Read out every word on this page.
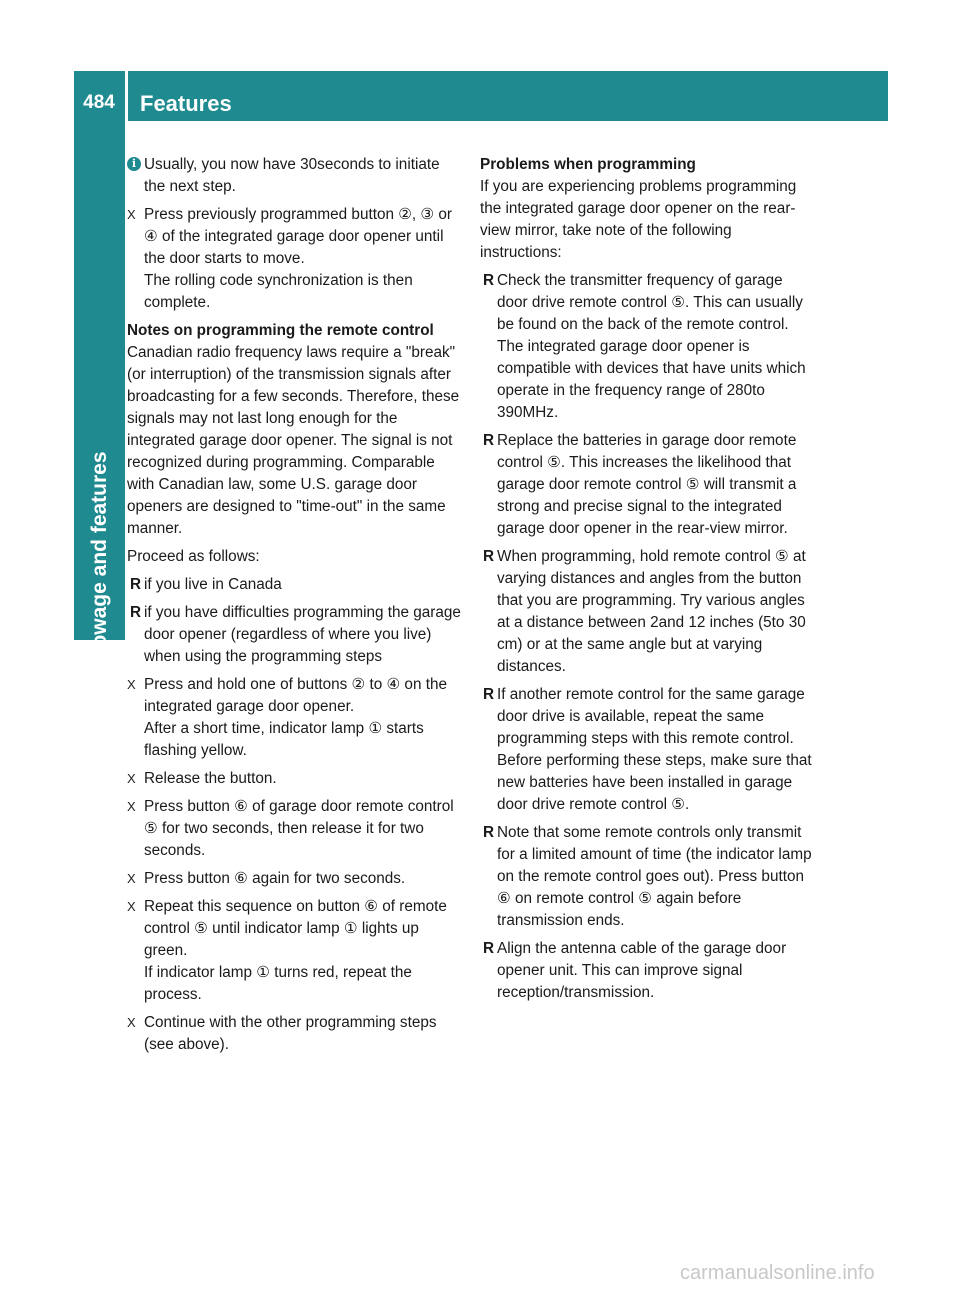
484	Features
Stowage and features
i Usually, you now have 30seconds to initiate the next step.
X Press previously programmed button ②, ③ or ④ of the integrated garage door opener until the door starts to move.
The rolling code synchronization is then complete.

Notes on programming the remote control

Canadian radio frequency laws require a "break" (or interruption) of the transmission signals after broadcasting for a few seconds. Therefore, these signals may not last long enough for the integrated garage door opener. The signal is not recognized during programming. Comparable with Canadian law, some U.S. garage door openers are designed to "time-out" in the same manner.

Proceed as follows:

R if you live in Canada
R if you have difficulties programming the garage door opener (regardless of where you live) when using the programming steps
X Press and hold one of buttons ② to ④ on the integrated garage door opener.
After a short time, indicator lamp ① starts flashing yellow.
X Release the button.
X Press button ⑥ of garage door remote control ⑤ for two seconds, then release it for two seconds.
X Press button ⑥ again for two seconds.
X Repeat this sequence on button ⑥ of remote control ⑤ until indicator lamp ① lights up green.
If indicator lamp ① turns red, repeat the process.
X Continue with the other programming steps (see above).

Problems when programming

If you are experiencing problems programming the integrated garage door opener on the rear-view mirror, take note of the following instructions:

R Check the transmitter frequency of garage door drive remote control ⑤. This can usually be found on the back of the remote control.
The integrated garage door opener is compatible with devices that have units which operate in the frequency range of 280to 390MHz.
R Replace the batteries in garage door remote control ⑤. This increases the likelihood that garage door remote control ⑤ will transmit a strong and precise signal to the integrated garage door opener in the rear-view mirror.
R When programming, hold remote control ⑤ at varying distances and angles from the button that you are programming. Try various angles at a distance between 2and 12 inches (5to 30 cm) or at the same angle but at varying distances.
R If another remote control for the same garage door drive is available, repeat the same programming steps with this remote control. Before performing these steps, make sure that new batteries have been installed in garage door drive remote control ⑤.
R Note that some remote controls only transmit for a limited amount of time (the indicator lamp on the remote control goes out). Press button ⑥ on remote control ⑤ again before transmission ends.
R Align the antenna cable of the garage door opener unit. This can improve signal reception/transmission.
carmanualsonline.info
